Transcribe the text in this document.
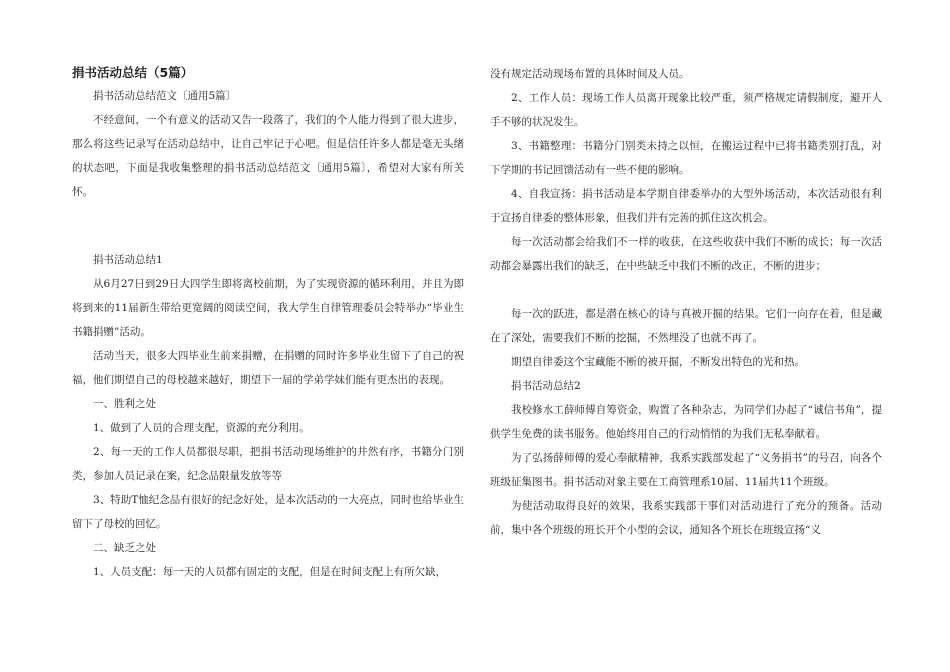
捐书活动总结（5篇）

捐书活动总结范文〔通用5篇〕

不经意间，一个有意义的活动又告一段落了，我们的个人能力得到了很大进步，那么将这些记录写在活动总结中，让自己牢记于心吧。但是信任许多人都是毫无头绪的状态吧，下面是我收集整理的捐书活动总结范文〔通用5篇〕，希望对大家有所关怀。

捐书活动总结1

从6月27日到29日大四学生即将离校前期，为了实现资源的循环利用，并且为即将到来的11届新生带给更宽阔的阅读空间，我大学生自律管理委员会特举办“毕业生书籍捐赠”活动。

活动当天，很多大四毕业生前来捐赠，在捐赠的同时许多毕业生留下了自己的祝福，他们期望自己的母校越来越好，期望下一届的学弟学妹们能有更杰出的表现。

一、胜利之处

1、做到了人员的合理支配，资源的充分利用。

2、每一天的工作人员都很尽职，把捐书活动现场维护的井然有序，书籍分门别类，参加人员记录在案，纪念品限量发放等等

3、特助T恤纪念品有很好的纪念好处，是本次活动的一大亮点，同时也给毕业生留下了母校的回忆。

二、缺乏之处

1、人员支配：每一天的人员都有固定的支配，但是在时间支配上有所欠缺，

没有规定活动现场布置的具体时间及人员。

2、工作人员：现场工作人员离开现象比较严重，须严格规定请假制度，避开人手不够的状况发生。

3、书籍整理：书籍分门别类未持之以恒，在搬运过程中已将书籍类别打乱，对下学期的书记回馈活动有一些不便的影响。

4、自我宣扬：捐书活动是本学期自律委举办的大型外场活动，本次活动很有利于宣扬自律委的整体形象，但我们并有完善的抓住这次机会。

每一次活动都会给我们不一样的收获，在这些收获中我们不断的成长；每一次活动都会暴露出我们的缺乏，在中些缺乏中我们不断的改正，不断的进步；

每一次的跃进，都是潜在核心的诗与真被开掘的结果。它们一向存在着，但是藏在了深处，需要我们不断的挖掘，不然埋没了也就不再了。

期望自律委这个宝藏能不断的被开掘，不断发出特色的光和热。

捐书活动总结2

我校修水工薛师傅自筹资金，购置了各种杂志，为同学们办起了“诚信书角”，提供学生免费的读书服务。他始终用自己的行动悄悄的为我们无私奉献着。

为了弘扬薛师傅的爱心奉献精神，我系实践部发起了“义务捐书”的号召，向各个班级征集图书。捐书活动对象主要在工商管理系10届、11届共11个班级。

为使活动取得良好的效果，我系实践部干事们对活动进行了充分的预备。活动前，集中各个班级的班长开个小型的会议，通知各个班长在班级宣扬“义
